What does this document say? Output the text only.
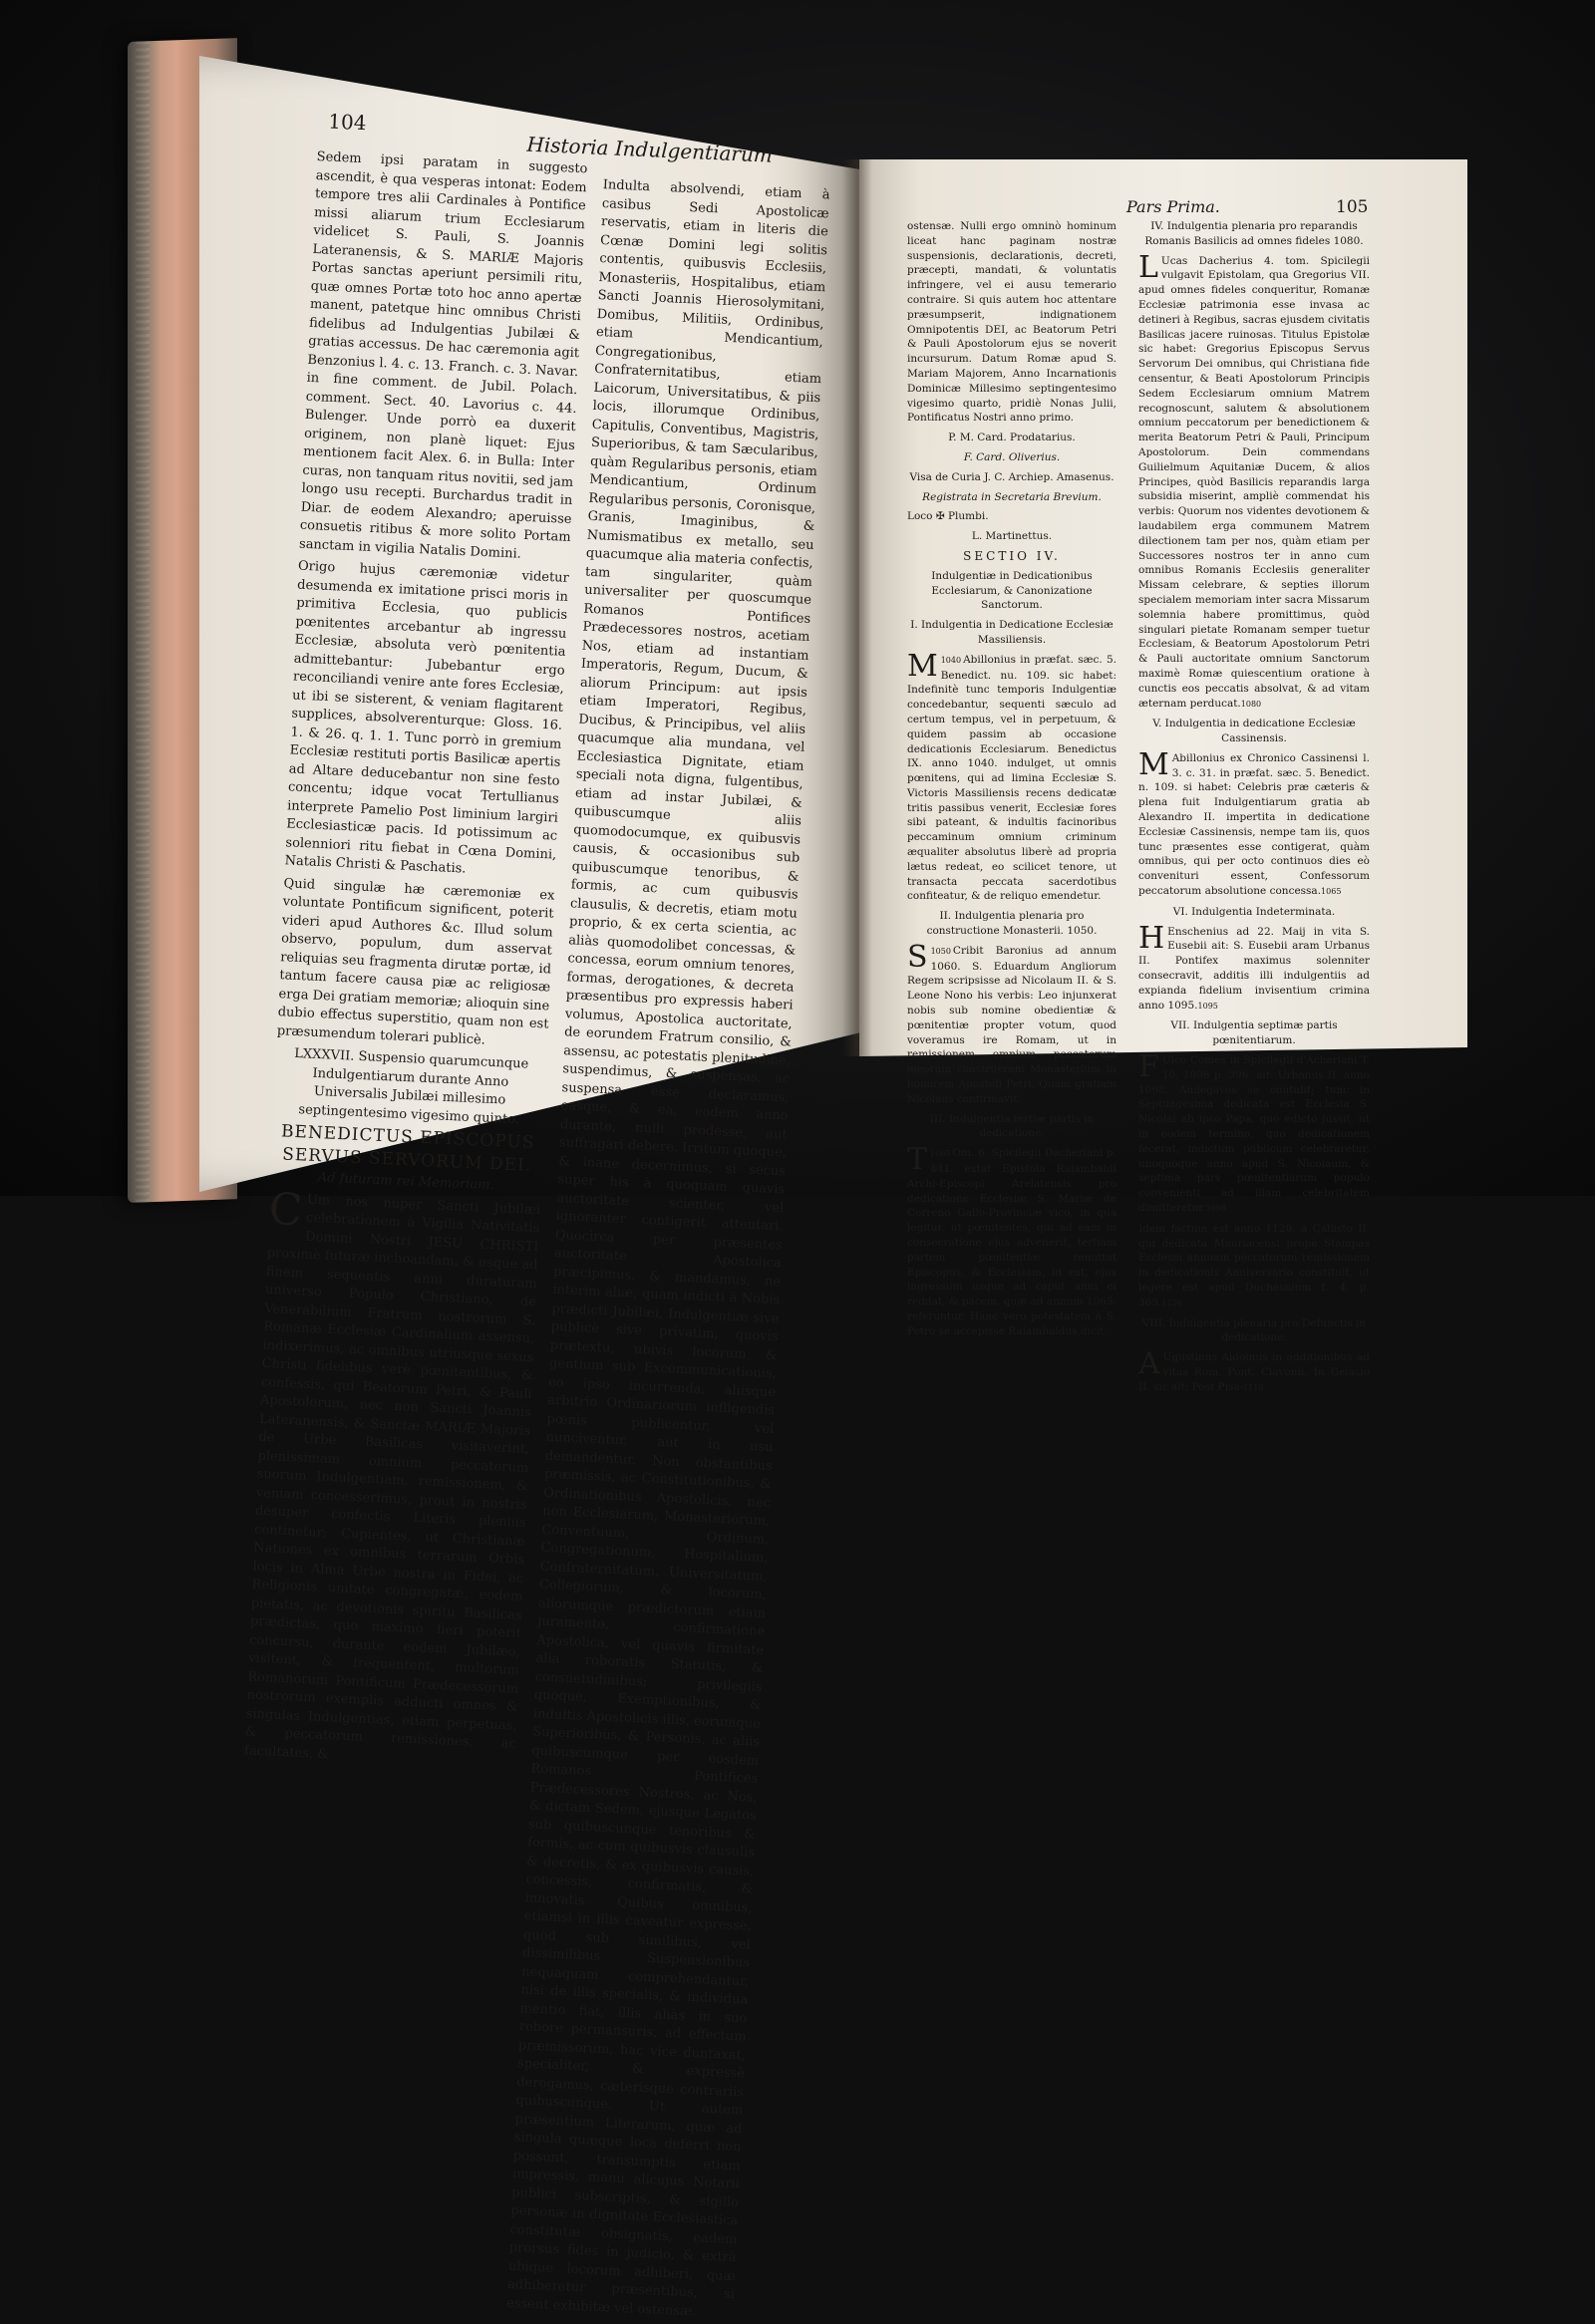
104
Historia Indulgentiarum

Sedem ipsi paratam in suggesto ascendit, è qua vesperas intonat: Eodem tempore tres alii Cardinales à Pontifice missi aliarum trium Ecclesiarum videlicet S. Pauli, S. Joannis Lateranensis, & S. MARIÆ Majoris Portas sanctas aperiunt persimili ritu, quæ omnes Portæ toto hoc anno apertæ manent, patetque hinc omnibus Christi fidelibus ad Indulgentias Jubilæi & gratias accessus. De hac cæremonia agit Benzonius l. 4. c. 13. Franch. c. 3. Navar. in fine comment. de Jubil. Polach. comment. Sect. 40. Lavorius c. 44. Bulenger. Unde porrò ea duxerit originem, non planè liquet: Ejus mentionem facit Alex. 6. in Bulla: Inter curas, non tanquam ritus novitii, sed jam longo usu recepti. Burchardus tradit in Diar. de eodem Alexandro; aperuisse consuetis ritibus & more solito Portam sanctam in vigilia Natalis Domini.

Origo hujus cæremoniæ videtur desumenda ex imitatione prisci moris in primitiva Ecclesia, quo publicis pœnitentes arcebantur ab ingressu Ecclesiæ, absoluta verò pœnitentia admittebantur: Jubebantur ergo reconciliandi venire ante fores Ecclesiæ, ut ibi se sisterent, & veniam flagitarent supplices, absolverenturque: Gloss. 16. 1. & 26. q. 1. 1. Tunc porrò in gremium Ecclesiæ restituti portis Basilicæ apertis ad Altare deducebantur non sine festo concentu; idque vocat Tertullianus interprete Pamelio Post liminium largiri Ecclesiasticæ pacis. Id potissimum ac solenniori ritu fiebat in Cœna Domini, Natalis Christi & Paschatis.

Quid singulæ hæ cæremoniæ ex voluntate Pontificum significent, poterit videri apud Authores &c. Illud solum observo, populum, dum asservat reliquias seu fragmenta dirutæ portæ, id tantum facere causa piæ ac religiosæ erga Dei gratiam memoriæ; alioquin sine dubio effectus superstitio, quam non est præsumendum tolerari publicè.

LXXXVII. Suspensio quarumcunque Indulgentiarum durante Anno Universalis Jubilæi millesimo septingentesimo vigesimo quinto.

BENEDICTUS EPISCOPUS

SERVUS SERVORUM DEI.

Ad futuram rei Memoriam.

C Um nos nuper Sancti Jubilæi celebrationem à Vigilia Nativitatis Domini Nostri JESU CHRISTI proximè futuræ inchoandam, & usque ad finem sequentis anni duraturam universo Populo Christiano, de Venerabilium Fratrum nostrorum S. Romanæ Ecclesiæ Cardinalium assensu, indixerimus, ac omnibus utriusque sexus Christi fidelibus verè pœnitentibus, & confessis, qui Beatorum Petri, & Pauli Apostolorum, nec non Sancti Joannis Lateranensis, & Sanctæ MARIÆ Majoris de Urbe Basilicas visitaverint, plenissimam omnium peccatorum suorum Indulgentiam, remissionem, & veniam concesserimus, prout in nostris desuper confectis Literis plenius continetur; Cupientes, ut Christianæ Nationes ex omnibus terrarum Orbis locis in Alma Urbe nostra in Fidei, ac Religionis unitate congregatæ, eodem pietatis, ac devotionis spiritu Basilicas prædictas, quo maximo fieri poterit concursu, durante eodem Jubilæo, visitent, & frequentent, multorum Romanorum Pontificum Prædecessorum nostrorum exemplis adducti omnes & singulas Indulgentias, etiam perpetuas, & peccatorum remissiones, ac facultates, &

Indulta absolvendi, etiam à casibus Sedi Apostolicæ reservatis, etiam in literis die Cœnæ Domini legi solitis contentis, quibusvis Ecclesiis, Monasteriis, Hospitalibus, etiam Sancti Joannis Hierosolymitani, Domibus, Militiis, Ordinibus, etiam Mendicantium, Congregationibus, Confraternitatibus, etiam Laicorum, Universitatibus, & piis locis, illorumque Ordinibus, Capitulis, Conventibus, Magistris, Superioribus, & tam Sæcularibus, quàm Regularibus personis, etiam Mendicantium, Ordinum Regularibus personis, Coronisque, Granis, Imaginibus, & Numismatibus ex metallo, seu quacumque alia materia confectis, tam singulariter, quàm universaliter per quoscumque Romanos Pontifices Prædecessores nostros, acetiam Nos, etiam ad instantiam Imperatoris, Regum, Ducum, & aliorum Principum: aut ipsis etiam Imperatori, Regibus, Ducibus, & Principibus, vel aliis quacumque alia mundana, vel Ecclesiastica Dignitate, etiam speciali nota digna, fulgentibus, etiam ad instar Jubilæi, & quibuscumque aliis quomodocumque, ex quibusvis causis, & occasionibus sub quibuscumque tenoribus, & formis, ac cum quibusvis clausulis, & decretis, etiam motu proprio, & ex certa scientia, ac aliàs quomodolibet concessas, & concessa, eorum omnium tenores, formas, derogationes, & decreta præsentibus pro expressis haberi volumus, Apostolica auctoritate, de eorundem Fratrum consilio, & assensu, ac potestatis plenitudine, suspendimus, & suspensas, ac suspensa esse declaramus, easque, & ea, eodem anno durante, nulli prodesse, aut suffragari debere. Irritum quoque, & inane decernimus, si secus super his à quoquam quavis auctoritate scienter, vel ignoranter contigerit attentari. Quocirca per præsentes auctoritate Apostolica præcipimus, & mandamus, ne interim aliæ, quàm indicti à Nobis prædicti Jubilæi, Indulgentiæ sive publicè sive privatim, quovis prætextu, ubivis locorum & gentium sub Excommunicationis, eo ipso incurrenda, aliisque arbitrio Ordinariorum infligendis pœnis publicentur, vel nunciventur, aut in usu demandentur. Non obstantibus præmissis, ac Constitutionibus, & Ordinationibus Apostolicis, nec non Ecclesiarum, Monasteriorum, Conventuum, Ordinum, Congregationum, Hospitalium, Confraternitatum, Universitatum, Collegiorum, & locorum, aliorumque prædictorum etiam juramento, confirmatione Apostolica, vel quavis firmitate alia roboratis Statutis, & consuetudinibus; privilegiis quoque, Exemptionibus, & indultis Apostolicis illis, eorumque Superioribus, & Personis, ac aliis quibuscumque per eosdem Romanos Pontifices Prædecessores Nostros, ac Nos, & dictam Sedem, ejusque Legatos sub quibuscunque tenoribus & formis, ac cum quibusvis clausulis & decretis, & ex quibusvis causis, concessis, confirmatis, & innovatis. Quibus omnibus, etiamsi in illis caveatur expressè, quòd sub similibus, vel dissimilibus Suspensionibus nequaquam comprehendantur, nisi de illis specialis, & individua mentio fiat, illis aliàs in suo robore permansuris, ad effectum præmissorum, hac vice duntaxat, specialiter, & expressè derogamus, cæterisque contrariis quibuscunque. Ut autem præsentium Literarum, quæ ad singula quæque loca deferri non possunt, transumptis etiam impressis, manu alicujus Notarii publici subscriptis, & sigillo personæ in dignitate Ecclesiastica constitutæ obsignatis, eadem prorsus fides in judicio, & extrà ubique locorum adhiberi, quæ adhiberetur præsentibus, si essent exhibitæ vel ostensæ.
Pars Prima.	105

ostensæ. Nulli ergo omninò hominum liceat hanc paginam nostræ suspensionis, declarationis, decreti, præcepti, mandati, & voluntatis infringere, vel ei ausu temerario contraire. Si quis autem hoc attentare præsumpserit, indignationem Omnipotentis DEI, ac Beatorum Petri & Pauli Apostolorum ejus se noverit incursurum. Datum Romæ apud S. Mariam Majorem, Anno Incarnationis Dominicæ Millesimo septingentesimo vigesimo quarto, pridiè Nonas Julii, Pontificatus Nostri anno primo.

P. M. Card. Prodatarius.

F. Card. Oliverius.

Visa de Curia J. C. Archiep. Amasenus.

Registrata in Secretaria Brevium.

Loco ✠ Plumbi.

L. Martinettus.

SECTIO IV.

Indulgentiæ in Dedicationibus Ecclesiarum, & Canonizatione Sanctorum.

I. Indulgentia in Dedicatione Ecclesiæ Massiliensis.

1040
M Abillonius in præfat. sæc. 5. Benedict. nu. 109. sic habet: Indefinitè tunc temporis Indulgentiæ concedebantur, sequenti sæculo ad certum tempus, vel in perpetuum, & quidem passim ab occasione dedicationis Ecclesiarum. Benedictus IX. anno 1040. indulget, ut omnis pœnitens, qui ad limina Ecclesiæ S. Victoris Massiliensis recens dedicatæ tritis passibus venerit, Ecclesiæ fores sibi pateant, & indultis facinoribus peccaminum omnium criminum æqualiter absolutus liberè ad propria lætus redeat, eo scilicet tenore, ut transacta peccata sacerdotibus confiteatur, & de reliquo emendetur.

II. Indulgentia plenaria pro constructione Monasterii. 1050.

1050
S Cribit Baronius ad annum 1060. S. Eduardum Angliorum Regem scripsisse ad Nicolaum II. & S. Leone Nono his verbis: Leo injunxerat nobis sub nomine obedientiæ & pœnitentiæ propter votum, quod voveramus ire Romam, ut in remissionem omnium peccatorum meorum construerem Monasterium in honorem Apostoli Petri. Quam gratiam Nicolaus confirmavit.

III. Indulgentia tertiæ partis in dedicatione.

1065
T Om. 6. Spicilegii Dacheriani p. 441. extat Epistola Raiambaldi Archi-Episcopi Arelatensis pro dedicatione Ecclesiæ S. Mariæ de Correno Gallo-Provinciæ vico, in qua legitur, ut pœnitentes, qui ad eam in consecratione ejus advenerit, tertiam partem pœnitentiæ remittat Episcopus, & Ecclesiam, id est, ejus ingressum usque ad caput anni ei reddat, & pacem, quæ ad annum 1065. referuntur. Hanc verò potestatem à S. Petro se accepisse Raiambaldus dicit.

IV. Indulgentia plenaria pro reparandis Romanis Basilicis ad omnes fideles 1080.

L Ucas Dacherius 4. tom. Spicilegii vulgavit Epistolam, qua Gregorius VII. apud omnes fideles conqueritur, Romanæ Ecclesiæ patrimonia esse invasa ac detineri à Regibus, sacras ejusdem civitatis Basilicas jacere ruinosas. Titulus Epistolæ sic habet: Gregorius Episcopus Servus Servorum Dei omnibus, qui Christiana fide censentur, & Beati Apostolorum Principis Sedem Ecclesiarum omnium Matrem recognoscunt, salutem & absolutionem omnium peccatorum per benedictionem & merita Beatorum Petri & Pauli, Principum Apostolorum. Dein commendans Guilielmum Aquitaniæ Ducem, & alios Principes, quòd Basilicis reparandis larga subsidia miserint, ampliè commendat his verbis: Quorum nos videntes devotionem & laudabilem erga communem Matrem dilectionem tam per nos, quàm etiam per Successores nostros ter in anno cum omnibus Romanis Ecclesiis generaliter Missam celebrare, & septies illorum specialem memoriam inter sacra Missarum solemnia habere promittimus, quòd singulari pietate Romanam semper tuetur Ecclesiam, & Beatorum Apostolorum Petri & Pauli auctoritate omnium Sanctorum maximè Romæ quiescentium oratione à cunctis eos peccatis absolvat, & ad vitam æternam perducat.1080

V. Indulgentia in dedicatione Ecclesiæ Cassinensis.

M Abillonius ex Chronico Cassinensi l. 3. c. 31. in præfat. sæc. 5. Benedict. n. 109. si habet: Celebris præ cæteris & plena fuit Indulgentiarum gratia ab Alexandro II. impertita in dedicatione Ecclesiæ Cassinensis, nempe tam iis, quos tunc præsentes esse contigerat, quàm omnibus, qui per octo continuos dies eò convenituri essent, Confessorum peccatorum absolutione concessa.1065

VI. Indulgentia Indeterminata.

H Enschenius ad 22. Maij in vita S. Eusebii ait: S. Eusebii aram Urbanus II. Pontifex maximus solenniter consecravit, additis illi indulgentiis ad expianda fidelium invisentium crimina anno 1095.1095

VII. Indulgentia septimæ partis pœnitentiarum.

F Ulco Comes in Spicilegii d'Acheriani T. 10. 1098 p. 396. ait: Urbanus II. anno 1098. Andegavos se contulit; tunc in Septuagesima dedicata est Ecclesia S. Nicolai ab ipso Papa, quo edicto jussit, ut in eodem termino, quo dedicationem fecerat, indictum publicum celebraretur, unoquoque anno apud S. Nicolaum, & septima pars pœnitentiarum populo convenienti ad illam celebritatem dimitteretur.1098

Idem factum est anno 1120. à Callisto II. qui dedicata Mauriacensi propè Stampas Ecclesia annuam peccatorum remissionem in dedicationis Anniversario constituit, ut legere est apud Duchesnium t. 4. p. 369.1120

VIII. Indulgentia plenaria pro Defunctis in dedicatione.

A Ugustinus Aldoinus in additionibus ad vitas Rom. Pont. Ciavonii. In Gelasio II. sic ait: Post Pisa-1118
